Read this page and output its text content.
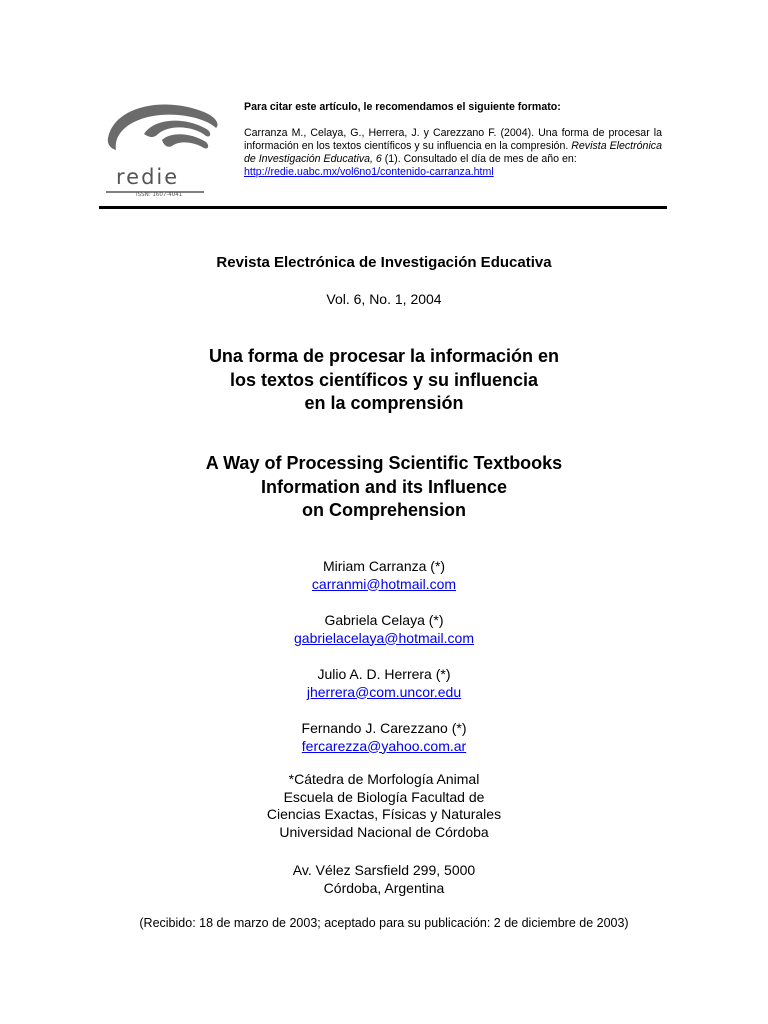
redie
ISSN: 1607-4041
Para citar este artículo, le recomendamos el siguiente formato:
Carranza M., Celaya, G., Herrera, J. y Carezzano F. (2004). Una forma de procesar la información en los textos científicos y su influencia en la compresión. Revista Electrónica de Investigación Educativa, 6 (1). Consultado el día de mes de año en:
http://redie.uabc.mx/vol6no1/contenido-carranza.html
Revista Electrónica de Investigación Educativa
Vol. 6, No. 1, 2004
Una forma de procesar la información en
los textos científicos y su influencia
en la comprensión
A Way of Processing Scientific Textbooks
Information and its Influence
on Comprehension
Miriam Carranza (*)
carranmi@hotmail.com
Gabriela Celaya (*)
gabrielacelaya@hotmail.com
Julio A. D. Herrera (*)
jherrera@com.uncor.edu
Fernando J. Carezzano (*)
fercarezza@yahoo.com.ar
*Cátedra de Morfología Animal
Escuela de Biología Facultad de
Ciencias Exactas, Físicas y Naturales
Universidad Nacional de Córdoba
Av. Vélez Sarsfield 299, 5000
Córdoba, Argentina
(Recibido: 18 de marzo de 2003; aceptado para su publicación: 2 de diciembre de 2003)
